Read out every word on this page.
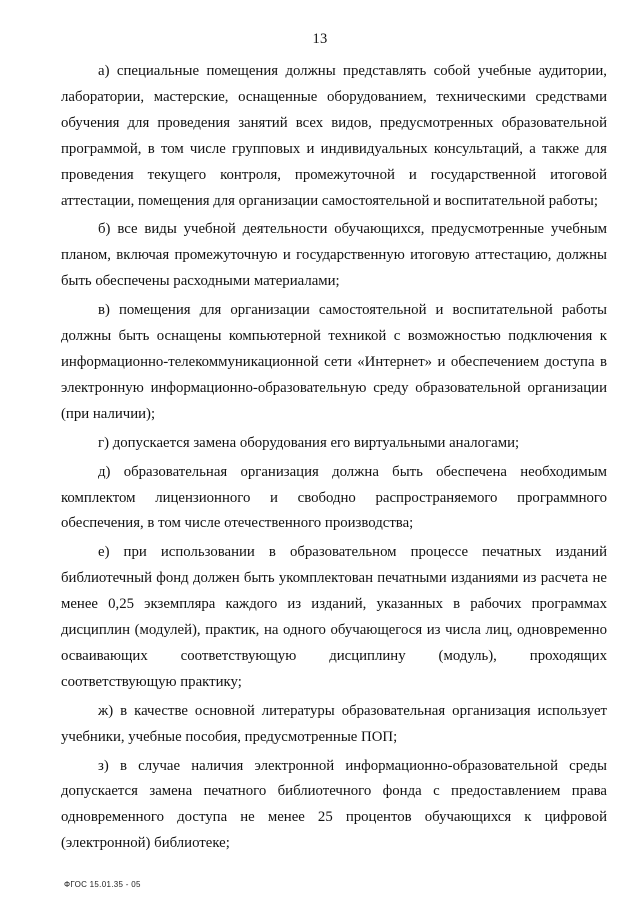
13

а) специальные помещения должны представлять собой учебные аудитории, лаборатории, мастерские, оснащенные оборудованием, техническими средствами обучения для проведения занятий всех видов, предусмотренных образовательной программой, в том числе групповых и индивидуальных консультаций, а также для проведения текущего контроля, промежуточной и государственной итоговой аттестации, помещения для организации самостоятельной и воспитательной работы;

б) все виды учебной деятельности обучающихся, предусмотренные учебным планом, включая промежуточную и государственную итоговую аттестацию, должны быть обеспечены расходными материалами;

в) помещения для организации самостоятельной и воспитательной работы должны быть оснащены компьютерной техникой с возможностью подключения к информационно-телекоммуникационной сети «Интернет» и обеспечением доступа в электронную информационно-образовательную среду образовательной организации (при наличии);

г) допускается замена оборудования его виртуальными аналогами;

д) образовательная организация должна быть обеспечена необходимым комплектом лицензионного и свободно распространяемого программного обеспечения, в том числе отечественного производства;

е) при использовании в образовательном процессе печатных изданий библиотечный фонд должен быть укомплектован печатными изданиями из расчета не менее 0,25 экземпляра каждого из изданий, указанных в рабочих программах дисциплин (модулей), практик, на одного обучающегося из числа лиц, одновременно осваивающих соответствующую дисциплину (модуль), проходящих соответствующую практику;

ж) в качестве основной литературы образовательная организация использует учебники, учебные пособия, предусмотренные ПОП;

з) в случае наличия электронной информационно-образовательной среды допускается замена печатного библиотечного фонда с предоставлением права одновременного доступа не менее 25 процентов обучающихся к цифровой (электронной) библиотеке;

ФГОС 15.01.35 - 05
